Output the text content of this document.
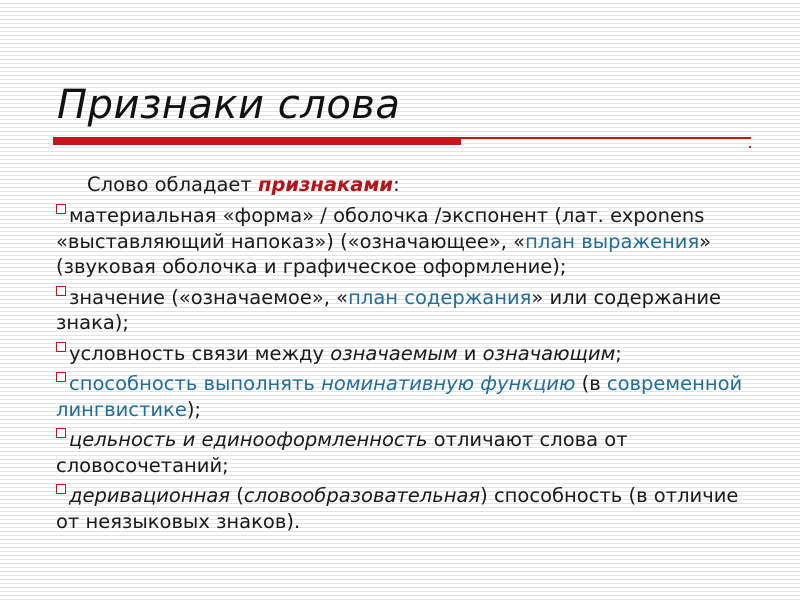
Признаки слова

Слово обладает признаками:

материальная «форма» / оболочка /экспонент (лат. exponens «выставляющий напоказ») («означающее», «план выражения» (звуковая оболочка и графическое оформление);
значение («означаемое», «план содержания» или содержание знака);
условность связи между означаемым и означающим;
способность выполнять номинативную функцию (в современной лингвистике);
цельность и единооформленность отличают слова от словосочетаний;
деривационная (словообразовательная) способность (в отличие от неязыковых знаков).
